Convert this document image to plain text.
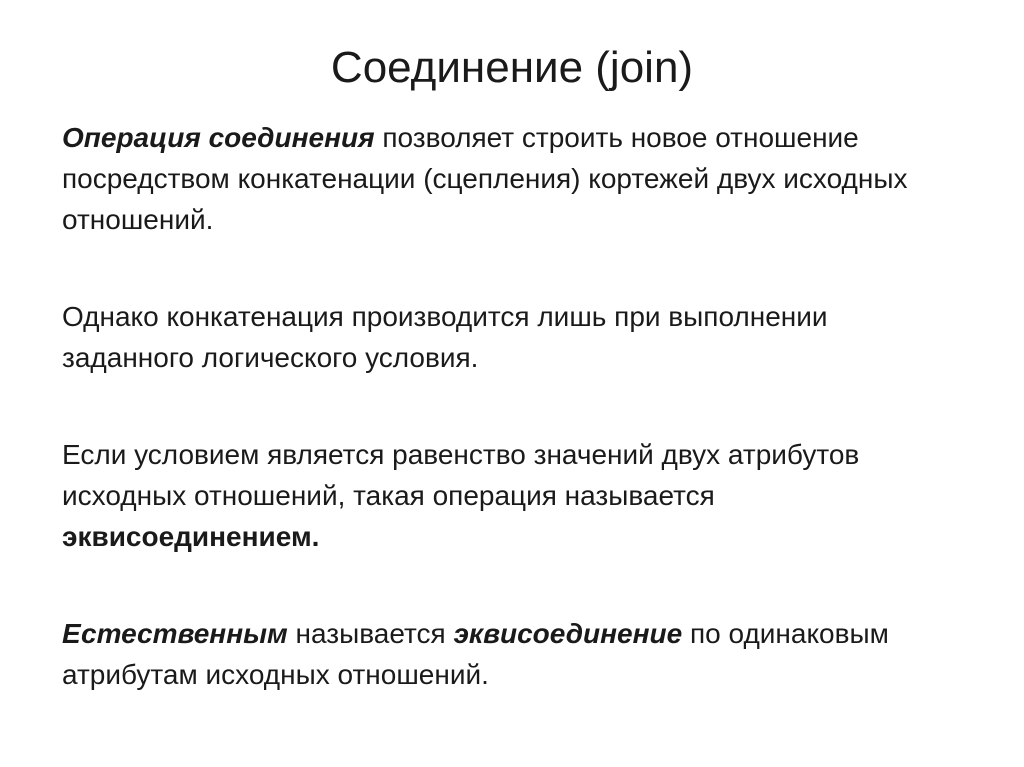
Соединение (join)

Операция соединения позволяет строить новое отношение посредством конкатенации (сцепления) кортежей двух исходных отношений.

Однако конкатенация производится лишь при выполнении заданного логического условия.

Если условием является равенство значений двух атрибутов исходных отношений, такая операция называется эквисоединением.

Естественным называется эквисоединение по одинаковым атрибутам исходных отношений.
